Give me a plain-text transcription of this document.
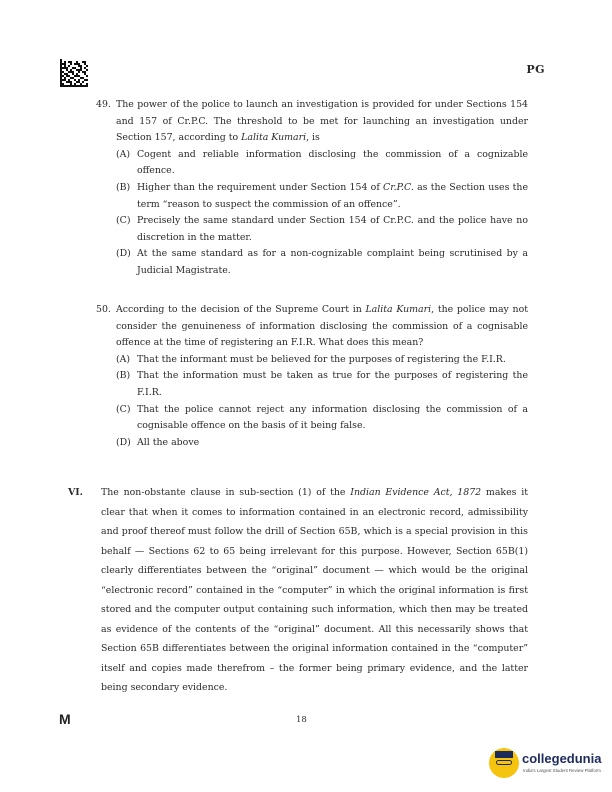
PG
49. The power of the police to launch an investigation is provided for under Sections 154 and 157 of Cr.P.C. The threshold to be met for launching an investigation under Section 157, according to Lalita Kumari, is
(A) Cogent and reliable information disclosing the commission of a cognizable offence.
(B) Higher than the requirement under Section 154 of Cr.P.C. as the Section uses the term “reason to suspect the commission of an offence”.
(C) Precisely the same standard under Section 154 of Cr.P.C. and the police have no discretion in the matter.
(D) At the same standard as for a non-cognizable complaint being scrutinised by a Judicial Magistrate.
50. According to the decision of the Supreme Court in Lalita Kumari, the police may not consider the genuineness of information disclosing the commission of a cognisable offence at the time of registering an F.I.R. What does this mean?
(A) That the informant must be believed for the purposes of registering the F.I.R.
(B) That the information must be taken as true for the purposes of registering the F.I.R.
(C) That the police cannot reject any information disclosing the commission of a cognisable offence on the basis of it being false.
(D) All the above
VI.	The non-obstante clause in sub-section (1) of the Indian Evidence Act, 1872 makes it clear that when it comes to information contained in an electronic record, admissibility and proof thereof must follow the drill of Section 65B, which is a special provision in this behalf — Sections 62 to 65 being irrelevant for this purpose. However, Section 65B(1) clearly differentiates between the “original” document — which would be the original “electronic record” contained in the “computer” in which the original information is first stored and the computer output containing such information, which then may be treated as evidence of the contents of the “original” document. All this necessarily shows that Section 65B differentiates between the original information contained in the “computer” itself and copies made therefrom – the former being primary evidence, and the latter being secondary evidence.
M	18
collegedunia
India's Largest Student Review Platform
